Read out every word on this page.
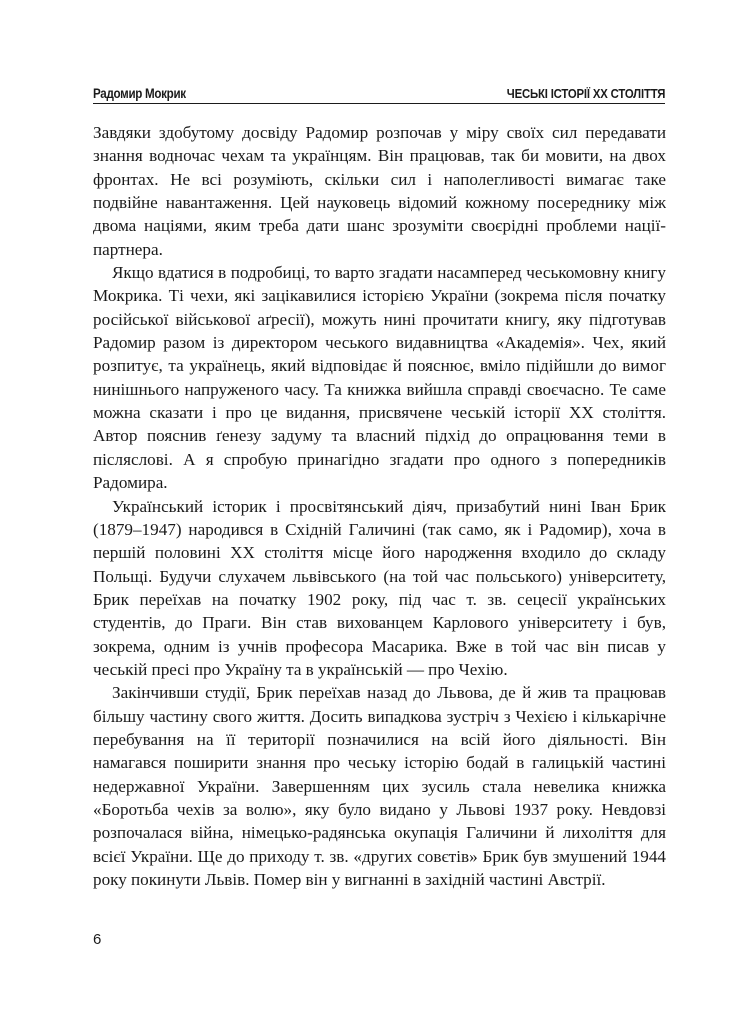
Радомир Мокрик	ЧЕСЬКІ ІСТОРІЇ XX СТОЛІТТЯ

Завдяки здобутому досвіду Радомир розпочав у міру своїх сил передавати знання водночас чехам та українцям. Він працював, так би мовити, на двох фронтах. Не всі розуміють, скільки сил і наполегливості вимагає таке подвійне навантаження. Цей науковець відомий кожному посереднику між двома націями, яким треба дати шанс зрозуміти своєрідні проблеми нації-партнера.

Якщо вдатися в подробиці, то варто згадати насамперед чеськомовну книгу Мокрика. Ті чехи, які зацікавилися історією України (зокрема після початку російської військової аґресії), можуть нині прочитати книгу, яку підготував Радомир разом із директором чеського видавництва «Академія». Чех, який розпитує, та українець, який відповідає й пояснює, вміло підійшли до вимог нинішнього напруженого часу. Та книжка вийшла справді своєчасно. Те саме можна сказати і про це видання, присвячене чеській історії XX століття. Автор пояснив ґенезу задуму та власний підхід до опрацювання теми в післяслові. А я спробую принагідно згадати про одного з попередників Радомира.

Український історик і просвітянський діяч, призабутий нині Іван Брик (1879–1947) народився в Східній Галичині (так само, як і Радомир), хоча в першій половині XX століття місце його народження входило до складу Польщі. Будучи слухачем львівського (на той час польського) університету, Брик переїхав на початку 1902 року, під час т. зв. сецесії українських студентів, до Праги. Він став вихованцем Карлового університету і був, зокрема, одним із учнів професора Масарика. Вже в той час він писав у чеській пресі про Україну та в українській — про Чехію.

Закінчивши студії, Брик переїхав назад до Львова, де й жив та працював більшу частину свого життя. Досить випадкова зустріч з Чехією і кількарічне перебування на її території позначилися на всій його діяльності. Він намагався поширити знання про чеську історію бодай в галицькій частині недержавної України. Завершенням цих зусиль стала невелика книжка «Боротьба чехів за волю», яку було видано у Львові 1937 року. Невдовзі розпочалася війна, німецько-радянська окупація Галичини й лихоліття для всієї України. Ще до приходу т. зв. «других совєтів» Брик був змушений 1944 року покинути Львів. Помер він у вигнанні в західній частині Австрії.

6
